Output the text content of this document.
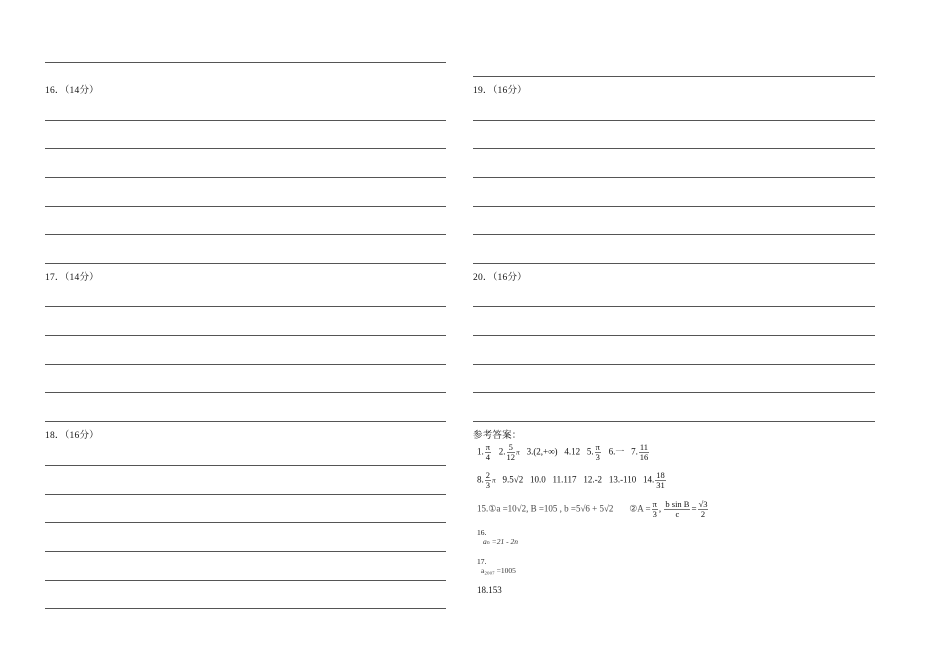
16．（14分）
17．（14分）
18．（16分）
19．（16分）
20．（16分）
参考答案：
1. $\frac{\pi}{4} 2$. $\frac{5}{12}$ π 3.(2,+∞) 4.12 5. $\frac{\pi}{3} 6$.一 7. $\frac{11}{16}$
8. $\frac{2}{3}$ π 9.5√2 10.0 11.117 12.-2 13.-110 14. $\frac{18}{31}$
15.①a =10√2, B =105 , b =5√6 + 5√2 ②A = $\frac{\pi}{3}$ , $\frac{\text{b sin B}}{c} = \frac{√3}{2}$
16.
aₙ =21 - 2n
17.
a₂₀₀₇ =1005
18.153
